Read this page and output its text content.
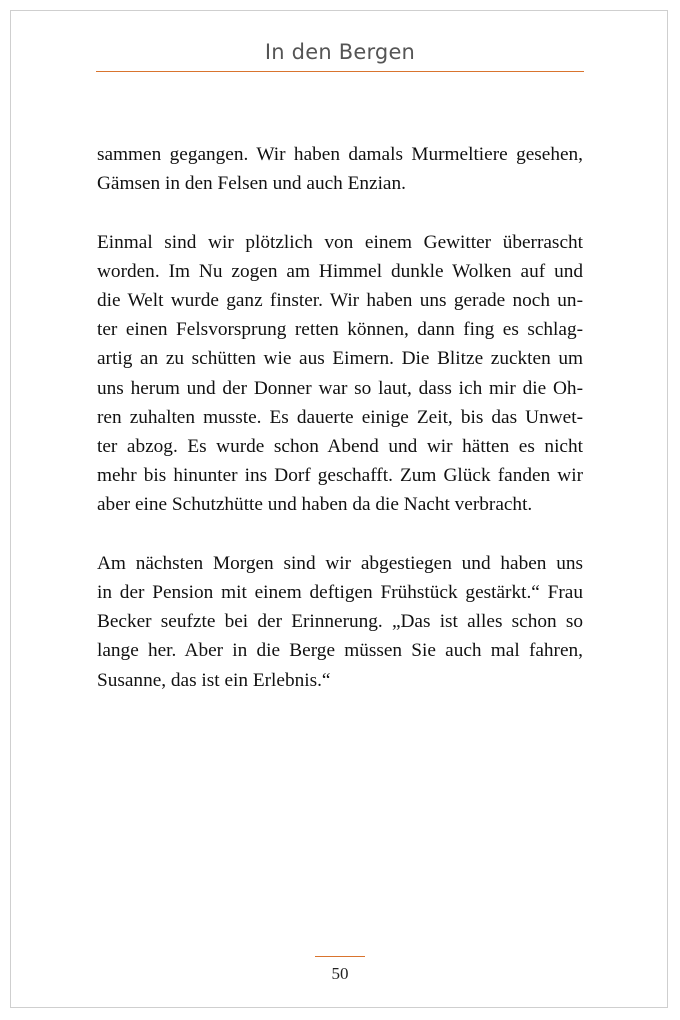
In den Bergen

sammen gegangen. Wir haben damals Murmeltiere gesehen,
Gämsen in den Felsen und auch Enzian.

Einmal sind wir plötzlich von einem Gewitter überrascht
worden. Im Nu zogen am Himmel dunkle Wolken auf und
die Welt wurde ganz finster. Wir haben uns gerade noch un-
ter einen Felsvorsprung retten können, dann fing es schlag-
artig an zu schütten wie aus Eimern. Die Blitze zuckten um
uns herum und der Donner war so laut, dass ich mir die Oh-
ren zuhalten musste. Es dauerte einige Zeit, bis das Unwet-
ter abzog. Es wurde schon Abend und wir hätten es nicht
mehr bis hinunter ins Dorf geschafft. Zum Glück fanden wir
aber eine Schutzhütte und haben da die Nacht verbracht.

Am nächsten Morgen sind wir abgestiegen und haben uns
in der Pension mit einem deftigen Frühstück gestärkt.“ Frau
Becker seufzte bei der Erinnerung. „Das ist alles schon so
lange her. Aber in die Berge müssen Sie auch mal fahren,
Susanne, das ist ein Erlebnis.“

50
